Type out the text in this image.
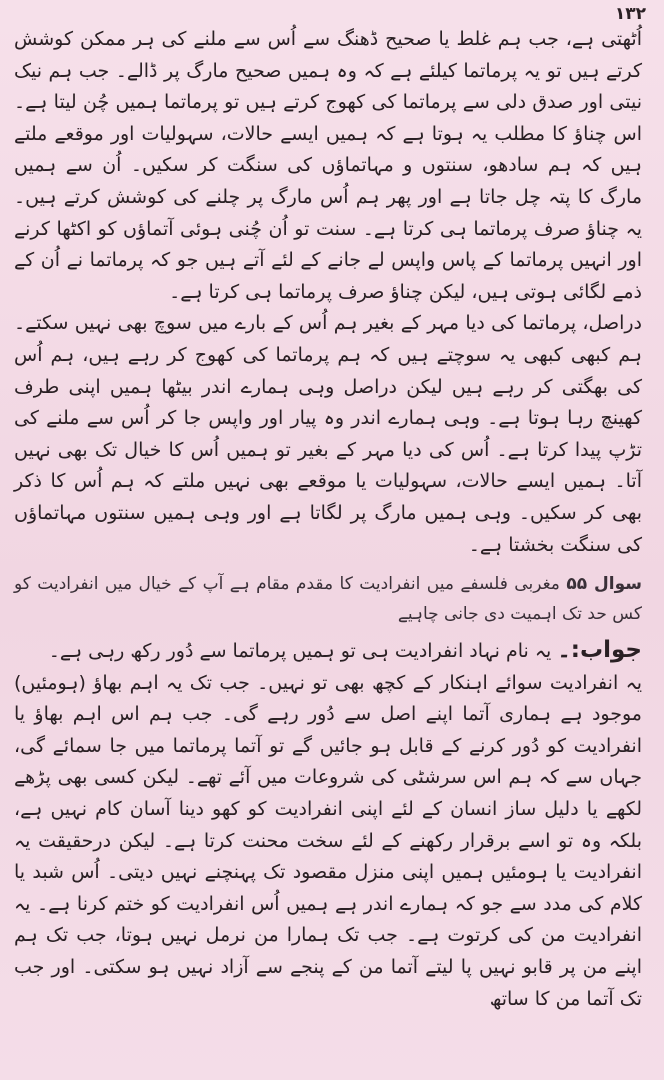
۱۳۲

اُٹھتی ہے، جب ہم غلط یا صحیح ڈھنگ سے اُس سے ملنے کی ہر ممکن کوشش کرتے ہیں تو یہ پرماتما کیلئے ہے کہ وہ ہمیں صحیح مارگ پر ڈالے۔ جب ہم نیک نیتی اور صدق دلی سے پرماتما کی کھوج کرتے ہیں تو پرماتما ہمیں چُن لیتا ہے۔ اس چناؤ کا مطلب یہ ہوتا ہے کہ ہمیں ایسے حالات، سہولیات اور موقعے ملتے ہیں کہ ہم سادھو، سنتوں و مہاتماؤں کی سنگت کر سکیں۔ اُن سے ہمیں مارگ کا پتہ چل جاتا ہے اور پھر ہم اُس مارگ پر چلنے کی کوشش کرتے ہیں۔ یہ چناؤ صرف پرماتما ہی کرتا ہے۔ سنت تو اُن چُنی ہوئی آتماؤں کو اکٹھا کرنے اور انہیں پرماتما کے پاس واپس لے جانے کے لئے آتے ہیں جو کہ پرماتما نے اُن کے ذمے لگائی ہوتی ہیں، لیکن چناؤ صرف پرماتما ہی کرتا ہے۔

دراصل، پرماتما کی دیا مہر کے بغیر ہم اُس کے بارے میں سوچ بھی نہیں سکتے۔ ہم کبھی کبھی یہ سوچتے ہیں کہ ہم پرماتما کی کھوج کر رہے ہیں، ہم اُس کی بھگتی کر رہے ہیں لیکن دراصل وہی ہمارے اندر بیٹھا ہمیں اپنی طرف کھینچ رہا ہوتا ہے۔ وہی ہمارے اندر وہ پیار اور واپس جا کر اُس سے ملنے کی تڑپ پیدا کرتا ہے۔ اُس کی دیا مہر کے بغیر تو ہمیں اُس کا خیال تک بھی نہیں آتا۔ ہمیں ایسے حالات، سہولیات یا موقعے بھی نہیں ملتے کہ ہم اُس کا ذکر بھی کر سکیں۔ وہی ہمیں مارگ پر لگاتا ہے اور وہی ہمیں سنتوں مہاتماؤں کی سنگت بخشتا ہے۔

سوال ۵۵ مغربی فلسفے میں انفرادیت کا مقدم مقام ہے آپ کے خیال میں انفرادیت کو کس حد تک اہمیت دی جانی چاہیے
جواب:۔ یہ نام نہاد انفرادیت ہی تو ہمیں پرماتما سے دُور رکھ رہی ہے۔

یہ انفرادیت سوائے اہنکار کے کچھ بھی تو نہیں۔ جب تک یہ اہم بھاؤ (ہومئیں) موجود ہے ہماری آتما اپنے اصل سے دُور رہے گی۔ جب ہم اس اہم بھاؤ یا انفرادیت کو دُور کرنے کے قابل ہو جائیں گے تو آتما پرماتما میں جا سمائے گی، جہاں سے کہ ہم اس سرشٹی کی شروعات میں آئے تھے۔ لیکن کسی بھی پڑھے لکھے یا دلیل ساز انسان کے لئے اپنی انفرادیت کو کھو دینا آسان کام نہیں ہے، بلکہ وہ تو اسے برقرار رکھنے کے لئے سخت محنت کرتا ہے۔ لیکن درحقیقت یہ انفرادیت یا ہومئیں ہمیں اپنی منزل مقصود تک پہنچنے نہیں دیتی۔ اُس شبد یا کلام کی مدد سے جو کہ ہمارے اندر ہے ہمیں اُس انفرادیت کو ختم کرنا ہے۔ یہ انفرادیت من کی کرتوت ہے۔ جب تک ہمارا من نرمل نہیں ہوتا، جب تک ہم اپنے من پر قابو نہیں پا لیتے آتما من کے پنجے سے آزاد نہیں ہو سکتی۔ اور جب تک آتما من کا ساتھ
